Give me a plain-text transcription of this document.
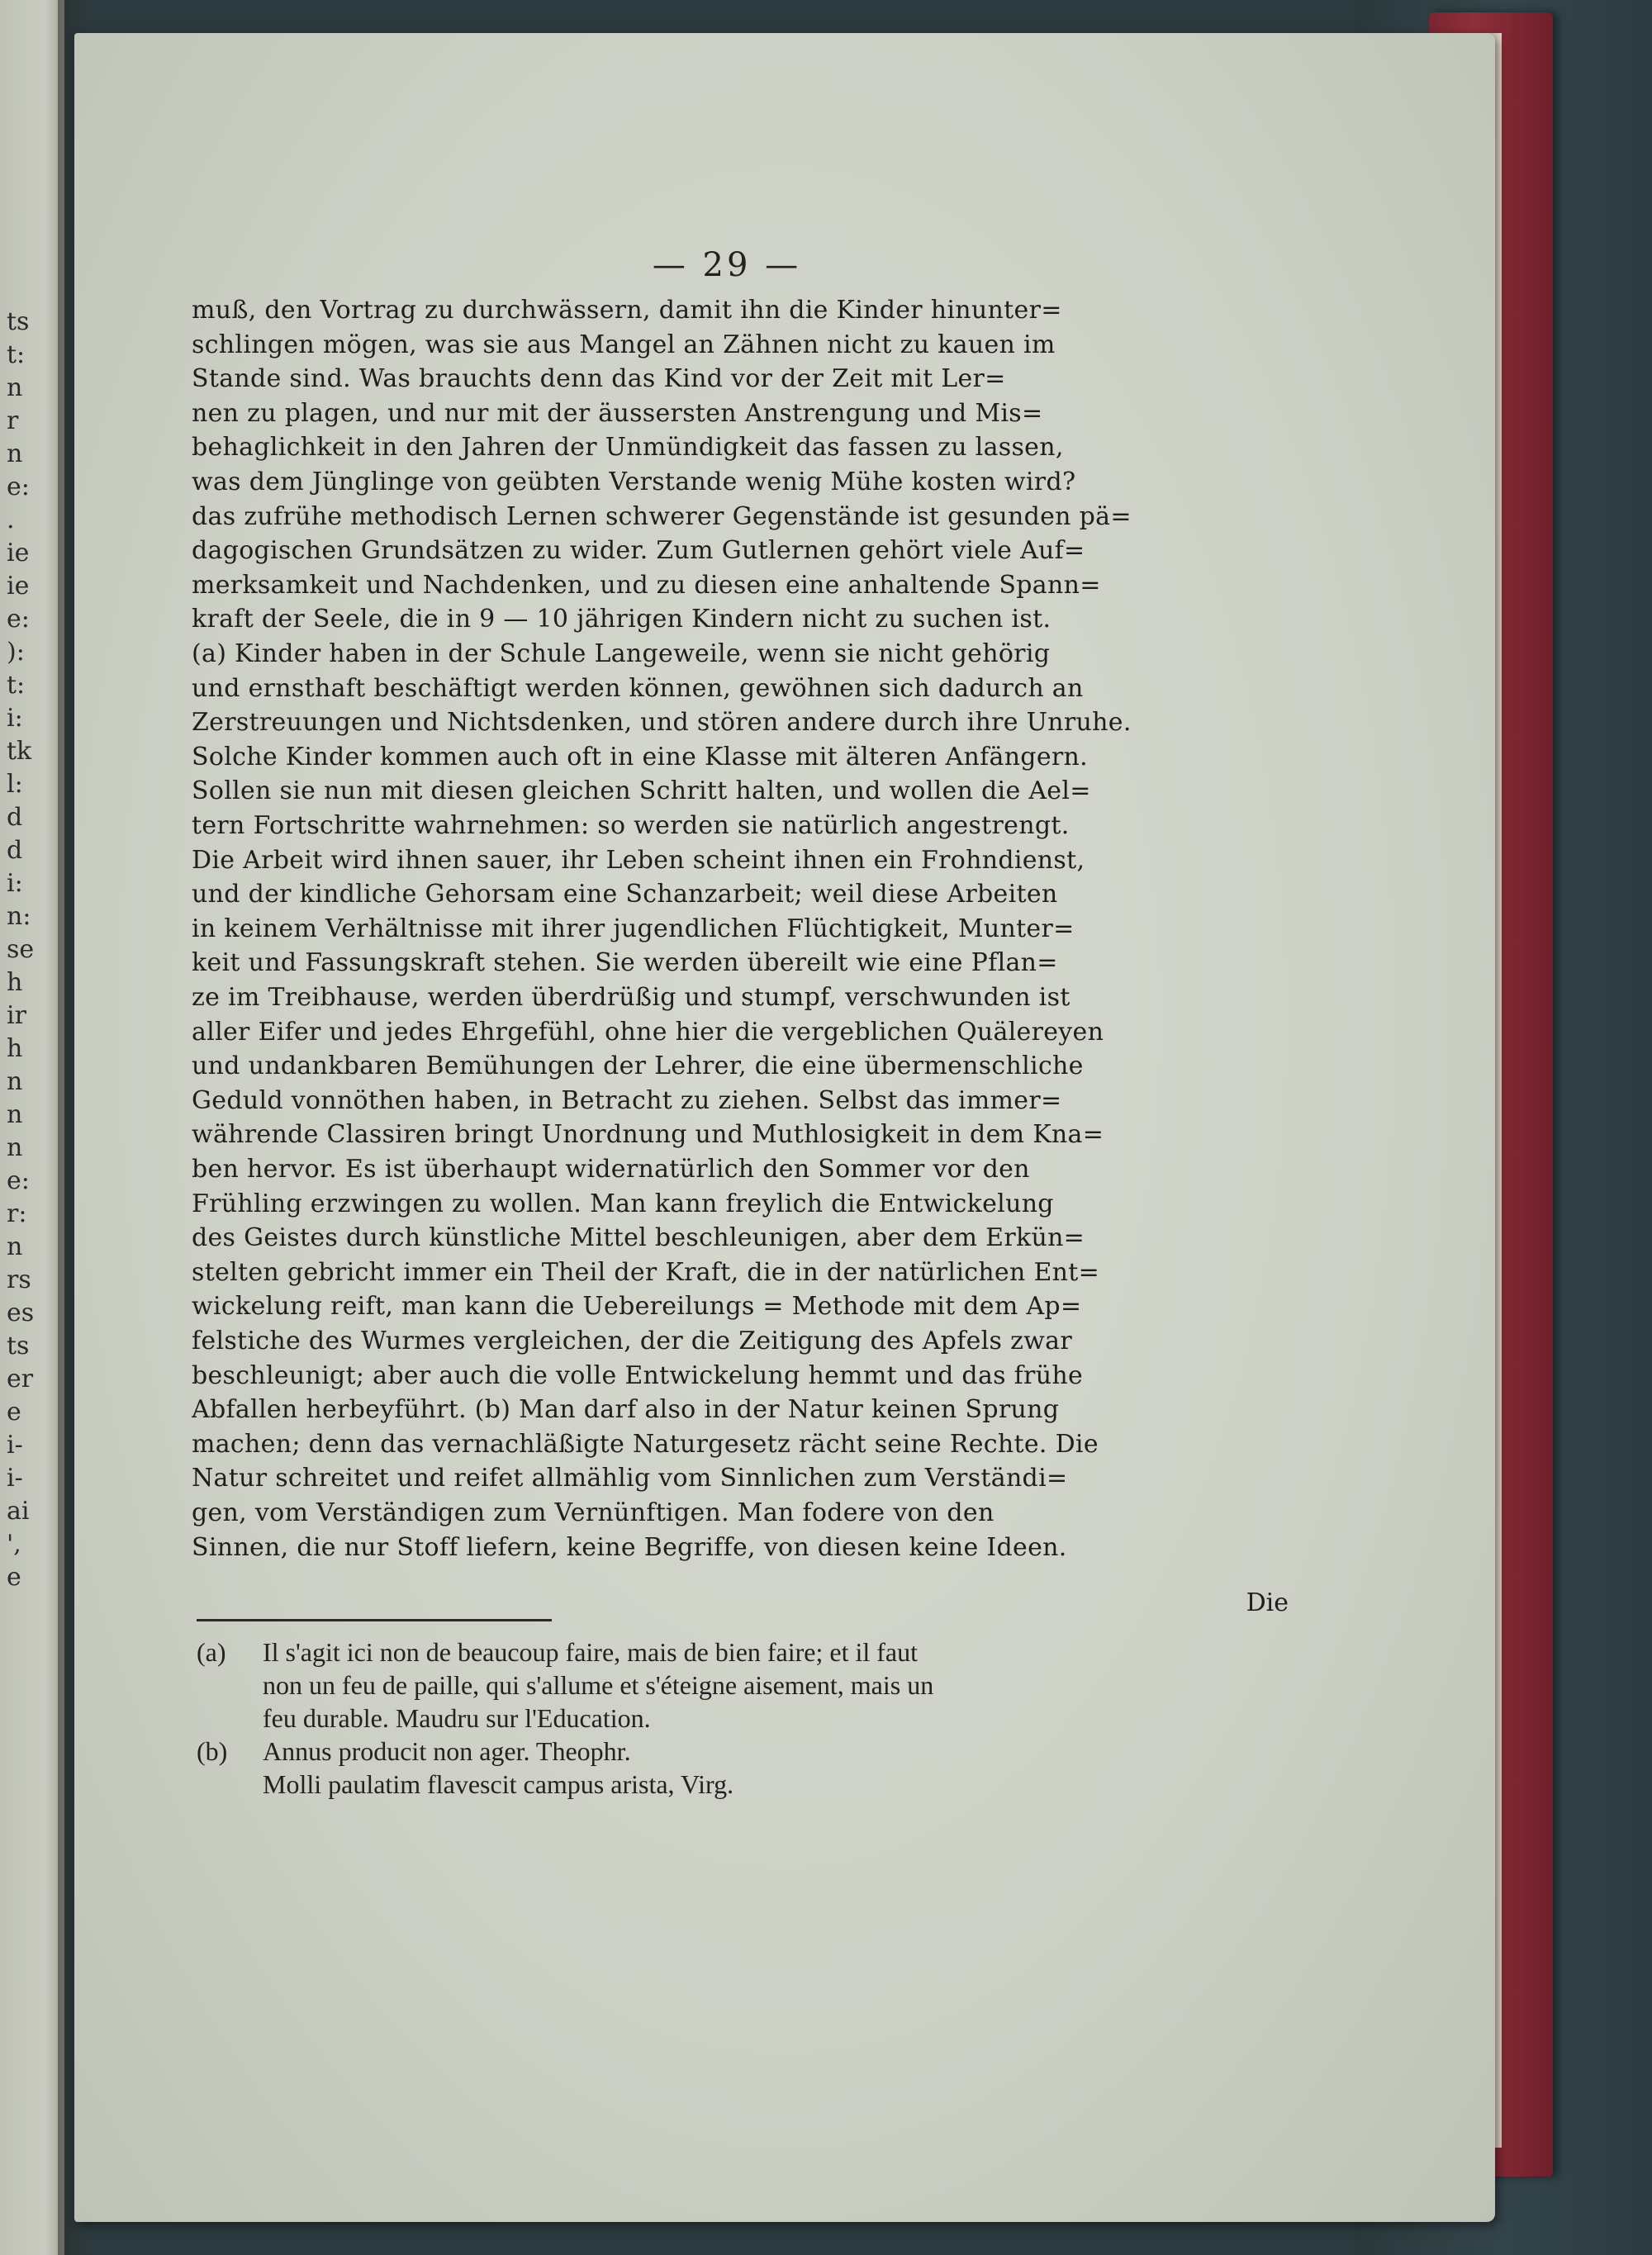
ts
t:
n
r
n
e:
.
ie
ie
e:
):
t:
i:
tk
l:
d
d
i:
n:
se
h
ir
h
n
n
n
e:
r:
n
rs
es
ts
er
e
i-
i-
ai
',
e
— 29 —
muß, den Vortrag zu durchwässern, damit ihn die Kinder hinunter=
schlingen mögen, was sie aus Mangel an Zähnen nicht zu kauen im
Stande sind. Was brauchts denn das Kind vor der Zeit mit Ler=
nen zu plagen, und nur mit der äussersten Anstrengung und Mis=
behaglichkeit in den Jahren der Unmündigkeit das fassen zu lassen,
was dem Jünglinge von geübten Verstande wenig Mühe kosten wird?
das zufrühe methodisch Lernen schwerer Gegenstände ist gesunden pä=
dagogischen Grundsätzen zu wider. Zum Gutlernen gehört viele Auf=
merksamkeit und Nachdenken, und zu diesen eine anhaltende Spann=
kraft der Seele, die in 9 — 10 jährigen Kindern nicht zu suchen ist.
(a) Kinder haben in der Schule Langeweile, wenn sie nicht gehörig
und ernsthaft beschäftigt werden können, gewöhnen sich dadurch an
Zerstreuungen und Nichtsdenken, und stören andere durch ihre Unruhe.
Solche Kinder kommen auch oft in eine Klasse mit älteren Anfängern.
Sollen sie nun mit diesen gleichen Schritt halten, und wollen die Ael=
tern Fortschritte wahrnehmen: so werden sie natürlich angestrengt.
Die Arbeit wird ihnen sauer, ihr Leben scheint ihnen ein Frohndienst,
und der kindliche Gehorsam eine Schanzarbeit; weil diese Arbeiten
in keinem Verhältnisse mit ihrer jugendlichen Flüchtigkeit, Munter=
keit und Fassungskraft stehen. Sie werden übereilt wie eine Pflan=
ze im Treibhause, werden überdrüßig und stumpf, verschwunden ist
aller Eifer und jedes Ehrgefühl, ohne hier die vergeblichen Quälereyen
und undankbaren Bemühungen der Lehrer, die eine übermenschliche
Geduld vonnöthen haben, in Betracht zu ziehen. Selbst das immer=
währende Classiren bringt Unordnung und Muthlosigkeit in dem Kna=
ben hervor. Es ist überhaupt widernatürlich den Sommer vor den
Frühling erzwingen zu wollen. Man kann freylich die Entwickelung
des Geistes durch künstliche Mittel beschleunigen, aber dem Erkün=
stelten gebricht immer ein Theil der Kraft, die in der natürlichen Ent=
wickelung reift, man kann die Uebereilungs = Methode mit dem Ap=
felstiche des Wurmes vergleichen, der die Zeitigung des Apfels zwar
beschleunigt; aber auch die volle Entwickelung hemmt und das frühe
Abfallen herbeyführt. (b) Man darf also in der Natur keinen Sprung
machen; denn das vernachläßigte Naturgesetz rächt seine Rechte. Die
Natur schreitet und reifet allmählig vom Sinnlichen zum Verständi=
gen, vom Verständigen zum Vernünftigen. Man fodere von den
Sinnen, die nur Stoff liefern, keine Begriffe, von diesen keine Ideen.
Die
(a) Il s'agit ici non de beaucoup faire, mais de bien faire; et il faut
non un feu de paille, qui s'allume et s'éteigne aisement, mais un
feu durable. Maudru sur l'Education.
(b) Annus producit non ager. Theophr.
Molli paulatim flavescit campus arista, Virg.
